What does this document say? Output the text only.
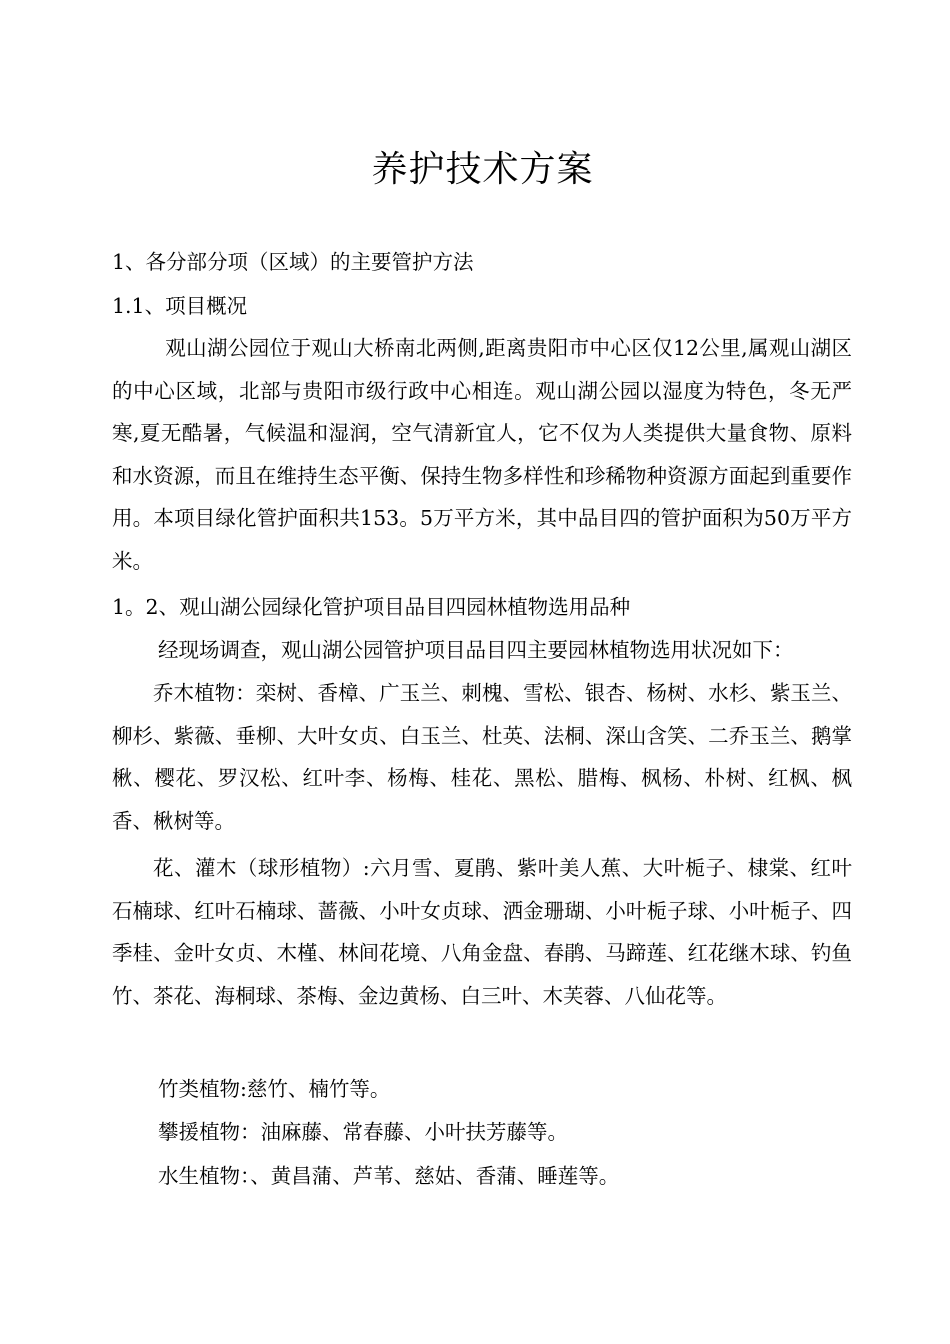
养护技术方案
1、各分部分项（区域）的主要管护方法
1.1、项目概况
观山湖公园位于观山大桥南北两侧,距离贵阳市中心区仅12公里,属观山湖区的中心区域，北部与贵阳市级行政中心相连。观山湖公园以湿度为特色，冬无严寒,夏无酷暑，气候温和湿润，空气清新宜人，它不仅为人类提供大量食物、原料和水资源，而且在维持生态平衡、保持生物多样性和珍稀物种资源方面起到重要作用。本项目绿化管护面积共153。5万平方米，其中品目四的管护面积为50万平方米。
1。2、观山湖公园绿化管护项目品目四园林植物选用品种
经现场调查，观山湖公园管护项目品目四主要园林植物选用状况如下：
乔木植物：栾树、香樟、广玉兰、刺槐、雪松、银杏、杨树、水杉、紫玉兰、柳杉、紫薇、垂柳、大叶女贞、白玉兰、杜英、法桐、深山含笑、二乔玉兰、鹅掌楸、樱花、罗汉松、红叶李、杨梅、桂花、黑松、腊梅、枫杨、朴树、红枫、枫香、楸树等。
花、灌木（球形植物）:六月雪、夏鹃、紫叶美人蕉、大叶栀子、棣棠、红叶石楠球、红叶石楠球、蔷薇、小叶女贞球、洒金珊瑚、小叶栀子球、小叶栀子、四季桂、金叶女贞、木槿、林间花境、八角金盘、春鹃、马蹄莲、红花继木球、钓鱼竹、茶花、海桐球、茶梅、金边黄杨、白三叶、木芙蓉、八仙花等。
竹类植物:慈竹、楠竹等。
攀援植物：油麻藤、常春藤、小叶扶芳藤等。
水生植物：、黄昌蒲、芦苇、慈姑、香蒲、睡莲等。
